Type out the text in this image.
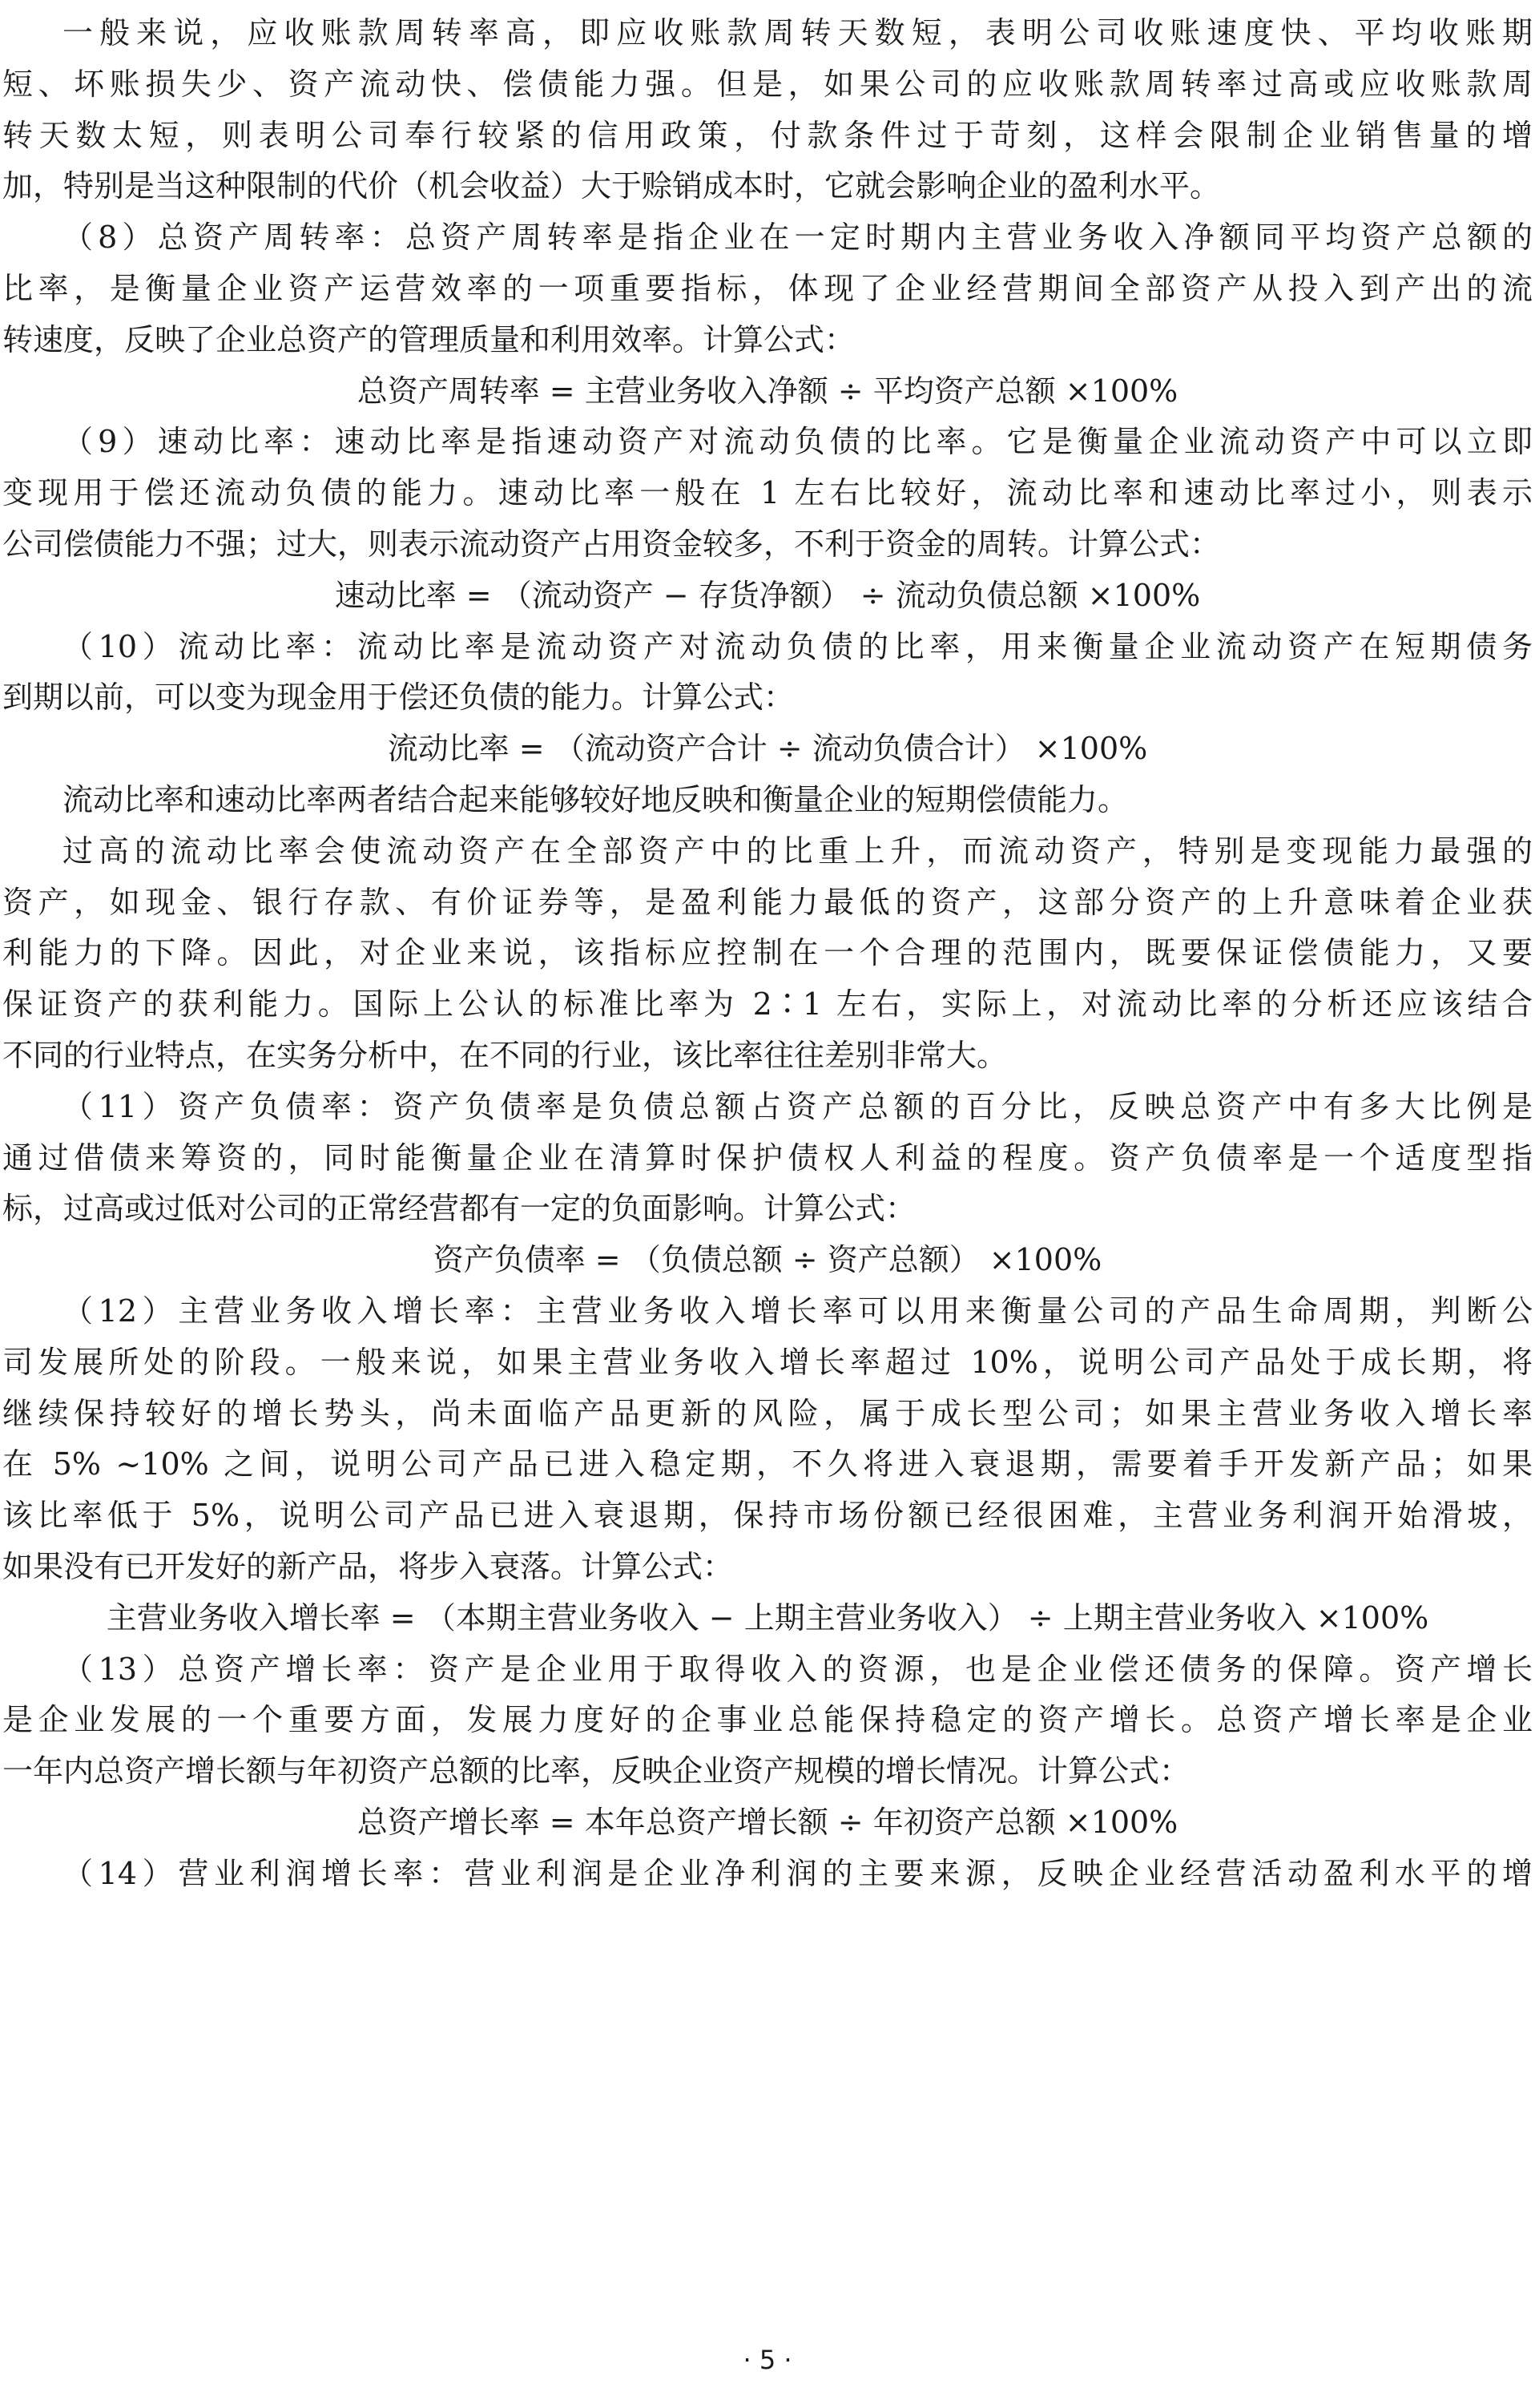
一般来说，应收账款周转率高，即应收账款周转天数短，表明公司收账速度快、平均收账期
短、坏账损失少、资产流动快、偿债能力强。但是，如果公司的应收账款周转率过高或应收账款周
转天数太短，则表明公司奉行较紧的信用政策，付款条件过于苛刻，这样会限制企业销售量的增
加，特别是当这种限制的代价（机会收益）大于赊销成本时，它就会影响企业的盈利水平。
（8）总资产周转率：总资产周转率是指企业在一定时期内主营业务收入净额同平均资产总额的
比率，是衡量企业资产运营效率的一项重要指标，体现了企业经营期间全部资产从投入到产出的流
转速度，反映了企业总资产的管理质量和利用效率。计算公式：
总资产周转率 = 主营业务收入净额 ÷ 平均资产总额 ×100%
（9）速动比率：速动比率是指速动资产对流动负债的比率。它是衡量企业流动资产中可以立即
变现用于偿还流动负债的能力。速动比率一般在 1 左右比较好，流动比率和速动比率过小，则表示
公司偿债能力不强；过大，则表示流动资产占用资金较多，不利于资金的周转。计算公式：
速动比率 = （流动资产 − 存货净额） ÷ 流动负债总额 ×100%
（10）流动比率：流动比率是流动资产对流动负债的比率，用来衡量企业流动资产在短期债务
到期以前，可以变为现金用于偿还负债的能力。计算公式：
流动比率 = （流动资产合计 ÷ 流动负债合计） ×100%
流动比率和速动比率两者结合起来能够较好地反映和衡量企业的短期偿债能力。
过高的流动比率会使流动资产在全部资产中的比重上升，而流动资产，特别是变现能力最强的
资产，如现金、银行存款、有价证券等，是盈利能力最低的资产，这部分资产的上升意味着企业获
利能力的下降。因此，对企业来说，该指标应控制在一个合理的范围内，既要保证偿债能力，又要
保证资产的获利能力。国际上公认的标准比率为 2∶1 左右，实际上，对流动比率的分析还应该结合
不同的行业特点，在实务分析中，在不同的行业，该比率往往差别非常大。
（11）资产负债率：资产负债率是负债总额占资产总额的百分比，反映总资产中有多大比例是
通过借债来筹资的，同时能衡量企业在清算时保护债权人利益的程度。资产负债率是一个适度型指
标，过高或过低对公司的正常经营都有一定的负面影响。计算公式：
资产负债率 = （负债总额 ÷ 资产总额） ×100%
（12）主营业务收入增长率：主营业务收入增长率可以用来衡量公司的产品生命周期，判断公
司发展所处的阶段。一般来说，如果主营业务收入增长率超过 10%，说明公司产品处于成长期，将
继续保持较好的增长势头，尚未面临产品更新的风险，属于成长型公司；如果主营业务收入增长率
在 5% ~10% 之间，说明公司产品已进入稳定期，不久将进入衰退期，需要着手开发新产品；如果
该比率低于 5%，说明公司产品已进入衰退期，保持市场份额已经很困难，主营业务利润开始滑坡，
如果没有已开发好的新产品，将步入衰落。计算公式：
主营业务收入增长率 = （本期主营业务收入 − 上期主营业务收入） ÷ 上期主营业务收入 ×100%
（13）总资产增长率：资产是企业用于取得收入的资源，也是企业偿还债务的保障。资产增长
是企业发展的一个重要方面，发展力度好的企事业总能保持稳定的资产增长。总资产增长率是企业
一年内总资产增长额与年初资产总额的比率，反映企业资产规模的增长情况。计算公式：
总资产增长率 = 本年总资产增长额 ÷ 年初资产总额 ×100%
（14）营业利润增长率：营业利润是企业净利润的主要来源，反映企业经营活动盈利水平的增
· 5 ·
